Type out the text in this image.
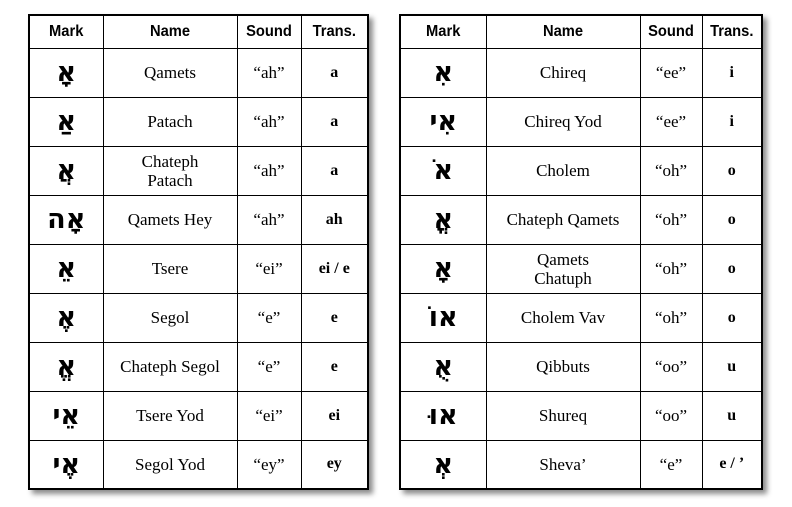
Mark	Name	Sound	Trans.
אָ	Qamets	“ah”	a
אַ	Patach	“ah”	a
אֲ	Chateph Patach	“ah”	a
אָה	Qamets Hey	“ah”	ah
אֵ	Tsere	“ei”	ei / e
אֶ	Segol	“e”	e
אֱ	Chateph Segol	“e”	e
אֵי	Tsere Yod	“ei”	ei
אֶי	Segol Yod	“ey”	ey
Mark	Name	Sound	Trans.
אִ	Chireq	“ee”	i
אִי	Chireq Yod	“ee”	i
אֹ	Cholem	“oh”	o
אֳ	Chateph Qamets	“oh”	o
אָ	Qamets Chatuph	“oh”	o
אוֹ	Cholem Vav	“oh”	o
אֻ	Qibbuts	“oo”	u
אוּ	Shureq	“oo”	u
אְ	Sheva’	“e”	e / ’
